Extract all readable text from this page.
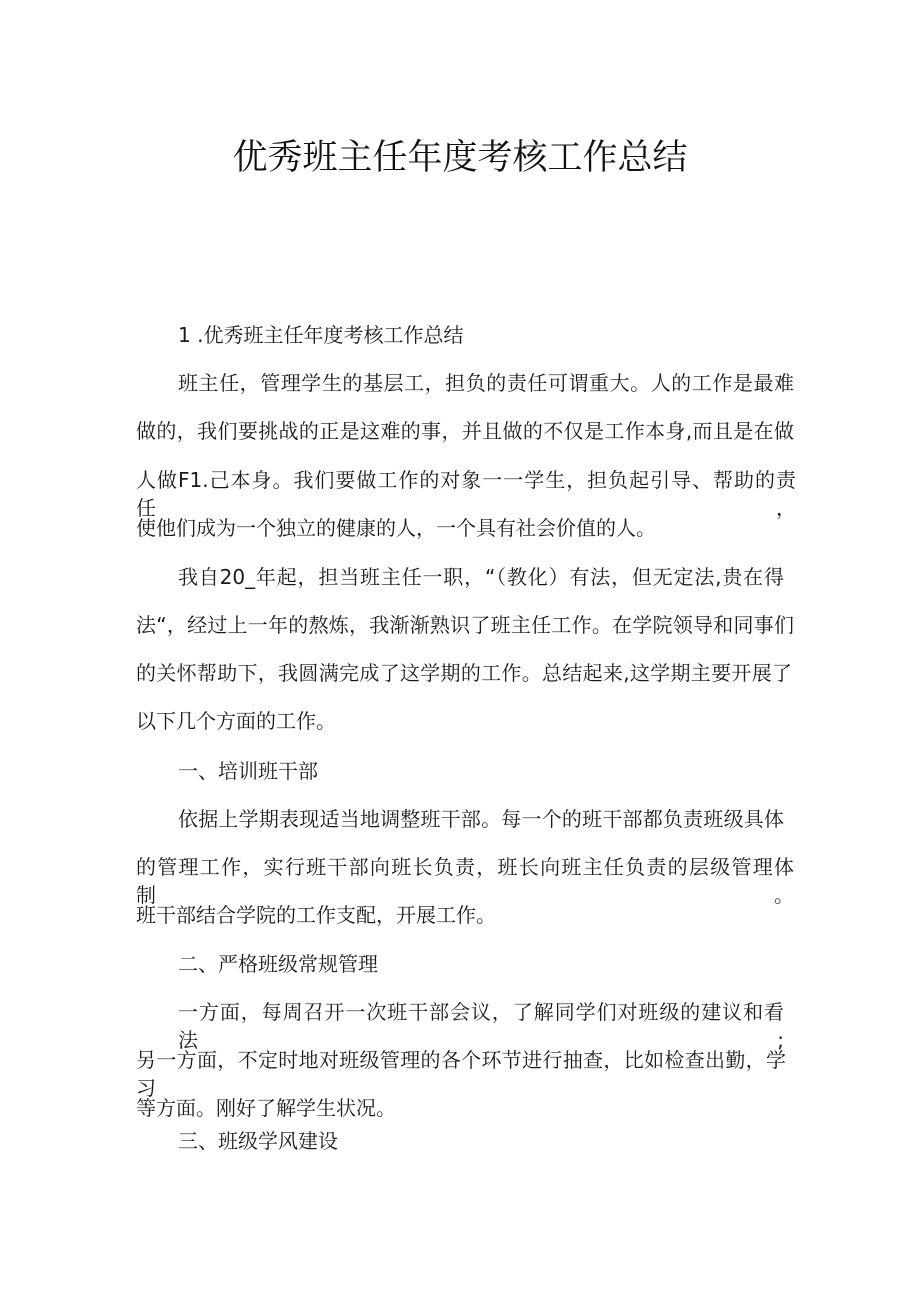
优秀班主任年度考核工作总结
1 .优秀班主任年度考核工作总结
班主任，管理学生的基层工，担负的责任可谓重大。人的工作是最难
做的，我们要挑战的正是这难的事，并且做的不仅是工作本身,而且是在做
人做F1.己本身。我们要做工作的对象一一学生，担负起引导、帮助的责任，
使他们成为一个独立的健康的人，一个具有社会价值的人。
我自20_年起，担当班主任一职，“（教化）有法，但无定法,贵在得
法“，经过上一年的熬炼，我渐渐熟识了班主任工作。在学院领导和同事们
的关怀帮助下，我圆满完成了这学期的工作。总结起来,这学期主要开展了
以下几个方面的工作。
一、培训班干部
依据上学期表现适当地调整班干部。每一个的班干部都负责班级具体
的管理工作，实行班干部向班长负责，班长向班主任负责的层级管理体制。
班干部结合学院的工作支配，开展工作。
二、严格班级常规管理
一方面，每周召开一次班干部会议，了解同学们对班级的建议和看法;
另一方面，不定时地对班级管理的各个环节进行抽查，比如检查出勤，学习
等方面。刚好了解学生状况。
三、班级学风建设
